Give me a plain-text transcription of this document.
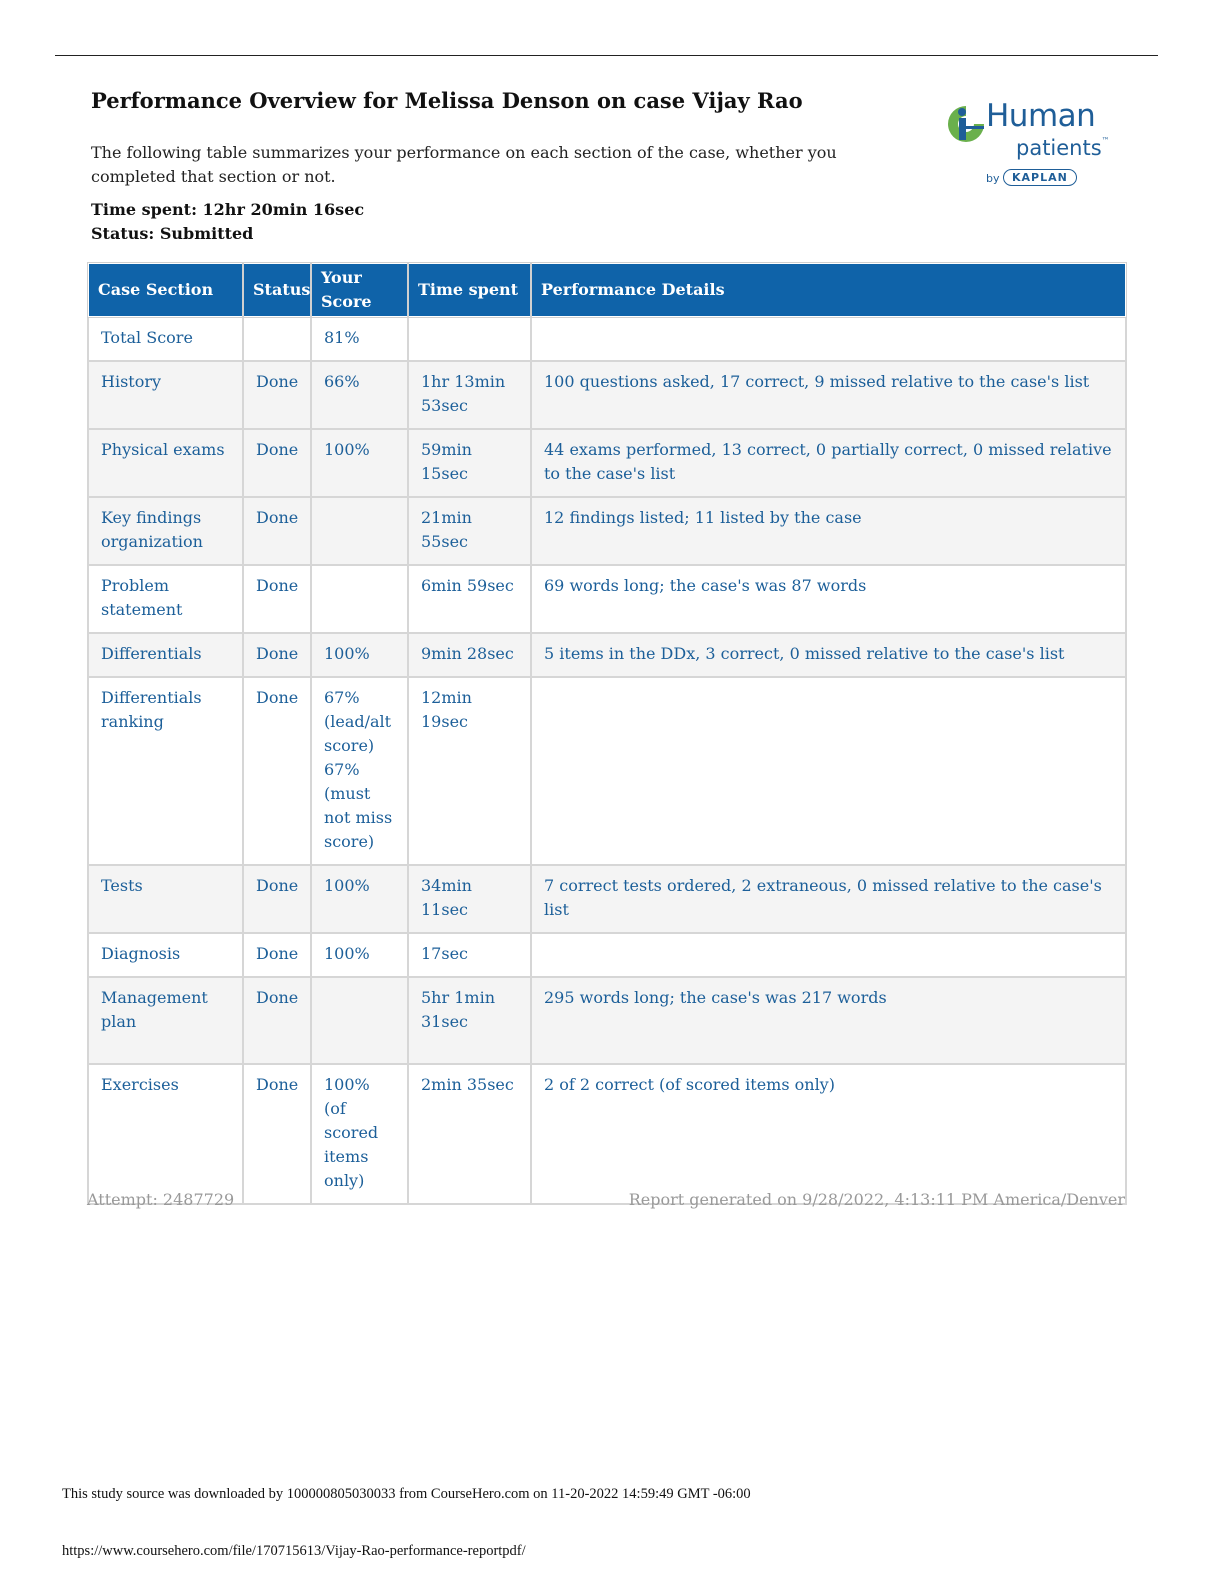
Performance Overview for Melissa Denson on case Vijay Rao
The following table summarizes your performance on each section of the case, whether you completed that section or not.
Time spent: 12hr 20min 16sec
Status: Submitted
Human
patients™
by	KAPLAN
Case Section	Status	Your Score	Time spent	Performance Details
Total Score		81%		
History	Done	66%	1hr 13min 53sec	100 questions asked, 17 correct, 9 missed relative to the case's list
Physical exams	Done	100%	59min 15sec	44 exams performed, 13 correct, 0 partially correct, 0 missed relative to the case's list
Key findings organization	Done		21min 55sec	12 findings listed; 11 listed by the case
Problem statement	Done		6min 59sec	69 words long; the case's was 87 words
Differentials	Done	100%	9min 28sec	5 items in the DDx, 3 correct, 0 missed relative to the case's list
Differentials ranking	Done	67% (lead/alt score) 67% (must not miss score)	12min 19sec	
Tests	Done	100%	34min 11sec	7 correct tests ordered, 2 extraneous, 0 missed relative to the case's list
Diagnosis	Done	100%	17sec	
Management plan	Done		5hr 1min 31sec	295 words long; the case's was 217 words
Exercises	Done	100% (of scored items only)	2min 35sec	2 of 2 correct (of scored items only)
Attempt: 2487729	Report generated on 9/28/2022, 4:13:11 PM America/Denver
This study source was downloaded by 100000805030033 from CourseHero.com on 11-20-2022 14:59:49 GMT -06:00
https://www.coursehero.com/file/170715613/Vijay-Rao-performance-reportpdf/
